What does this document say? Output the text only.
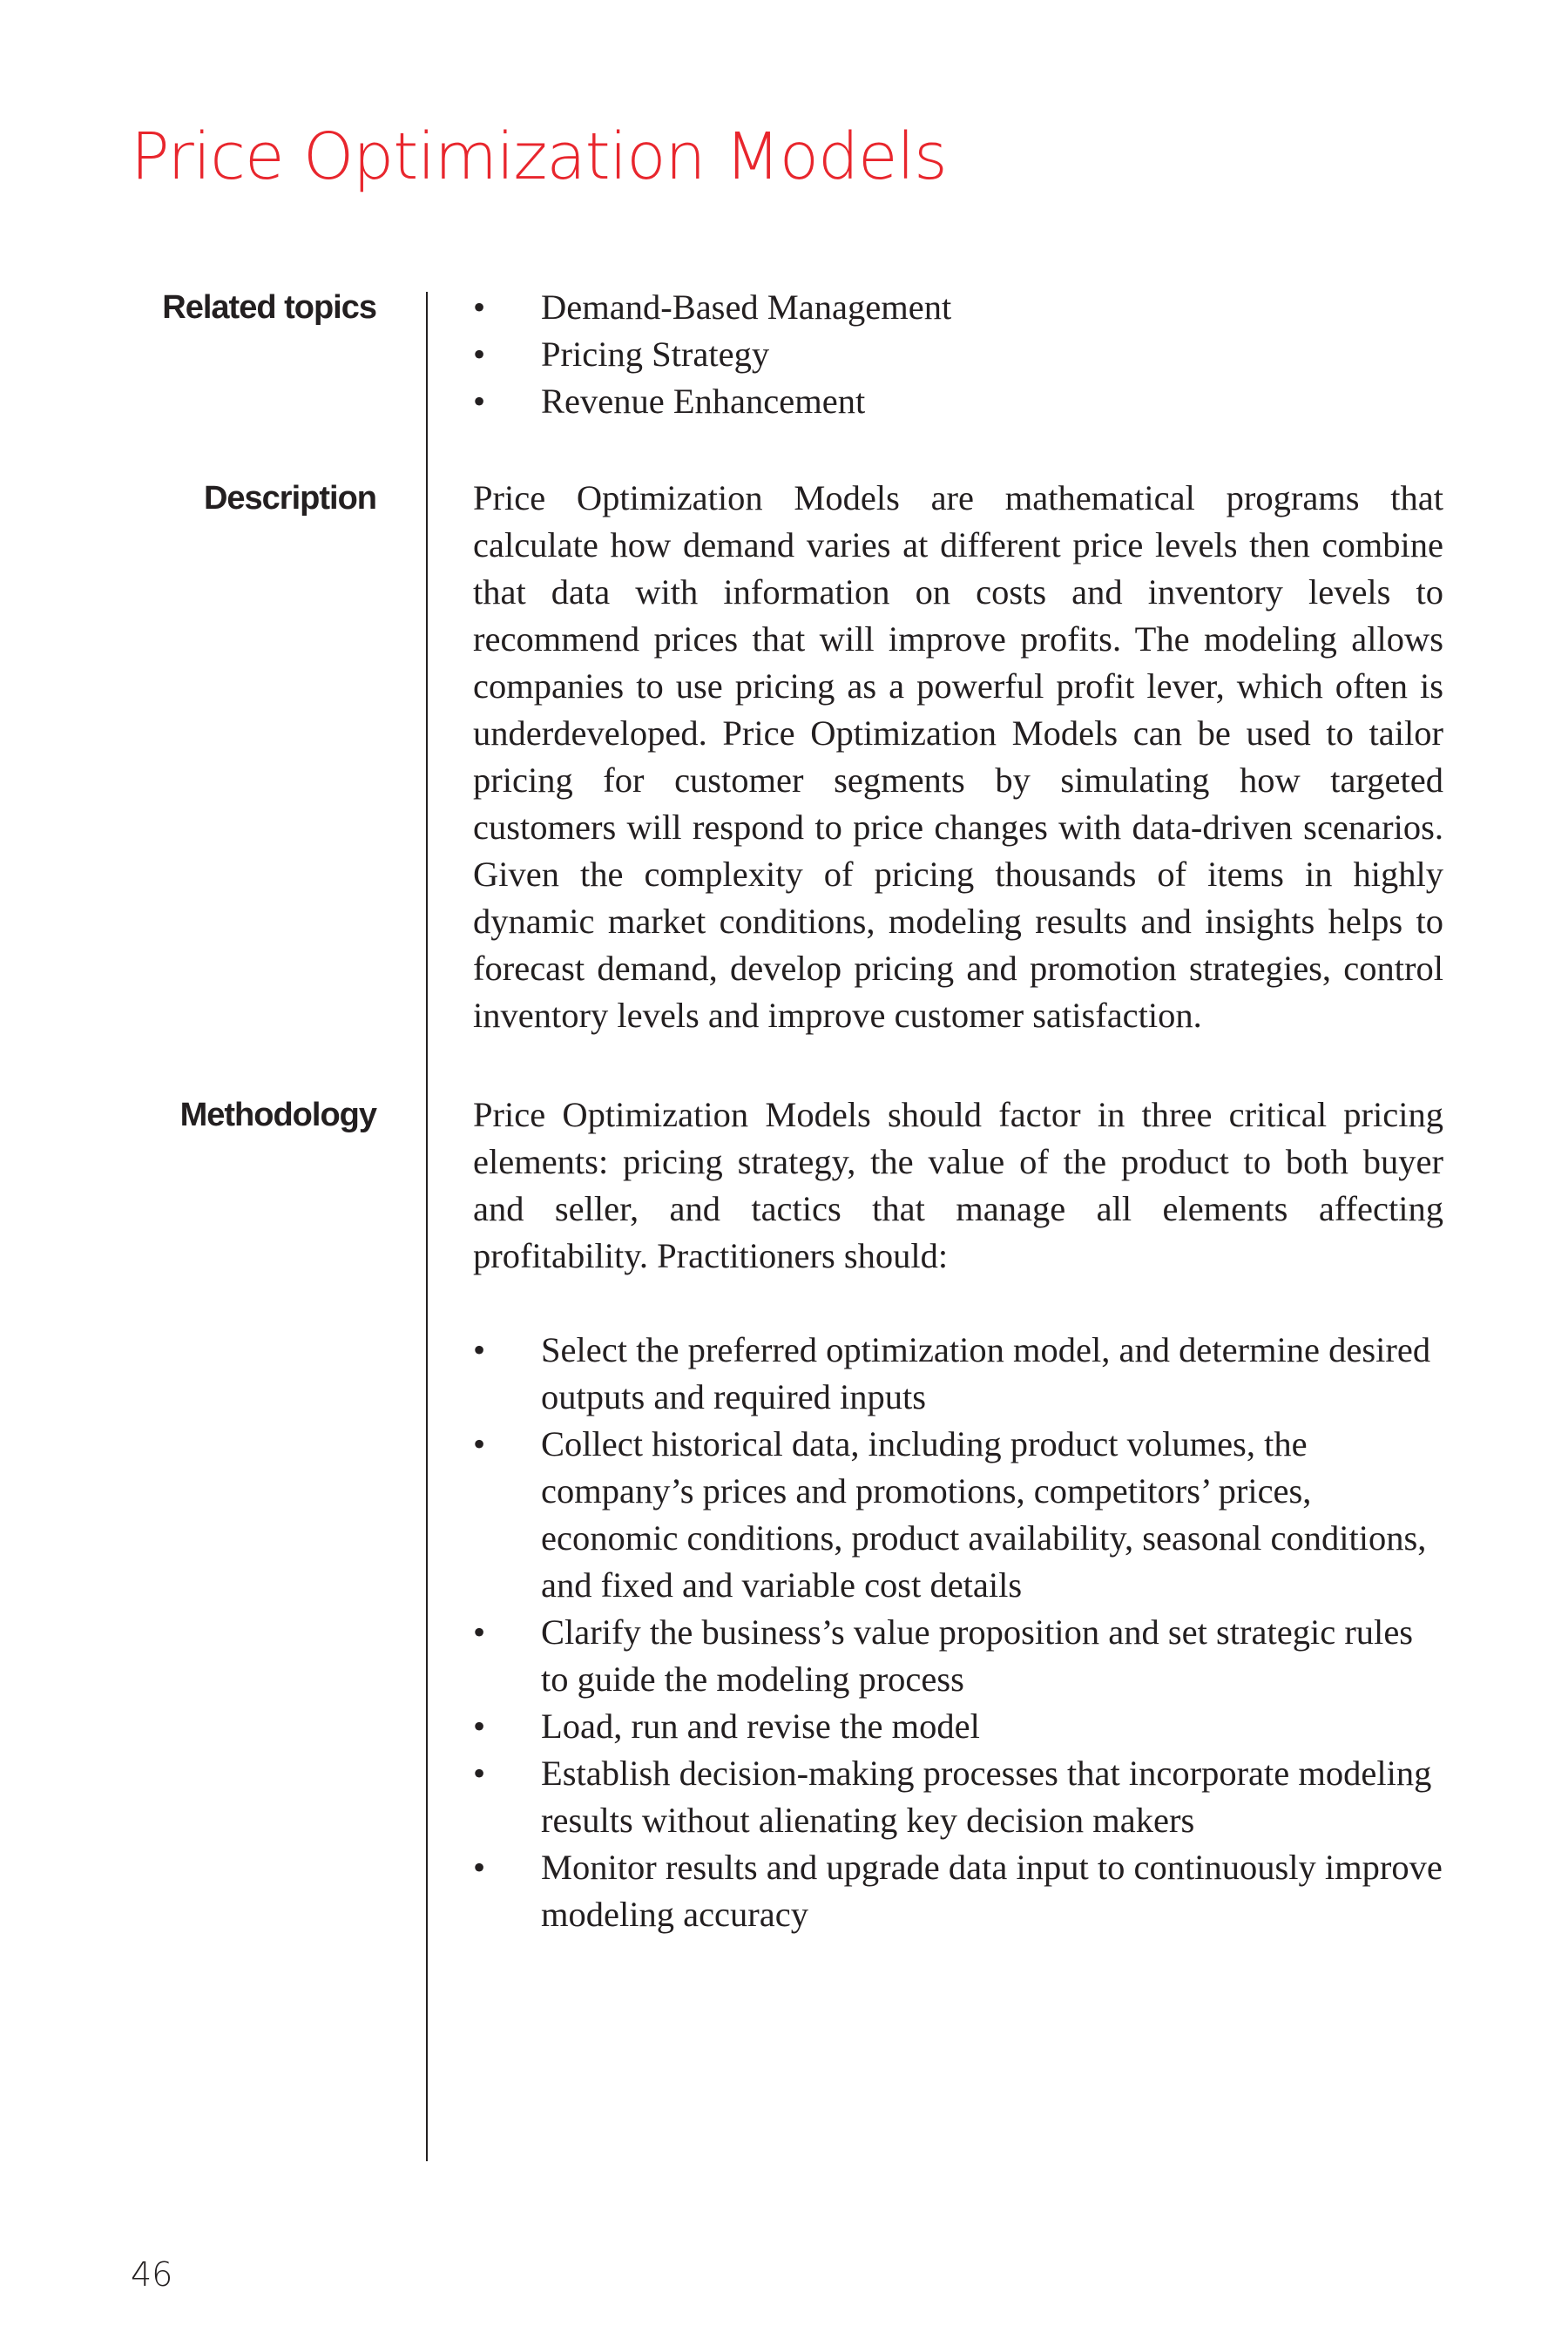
Price Optimization Models
Related topics	•	Demand-Based Management
•	Pricing Strategy
•	Revenue Enhancement
Description	Price Optimization Models are mathematical programs that calculate how demand varies at different price levels then combine that data with information on costs and inventory levels to recommend prices that will improve profits. The modeling allows companies to use pricing as a powerful profit lever, which often is underdeveloped. Price Optimization Models can be used to tailor pricing for customer segments by simulating how targeted customers will respond to price changes with data-driven scenarios. Given the complexity of pricing thousands of items in highly dynamic market conditions, modeling results and insights helps to forecast demand, develop pricing and promotion strategies, control inventory levels and improve customer satisfaction.

Methodology	Price Optimization Models should factor in three critical pricing elements: pricing strategy, the value of the product to both buyer and seller, and tactics that manage all elements affecting profitability. Practitioners should:

•	Select the preferred optimization model, and determine desired outputs and required inputs
•	Collect historical data, including product volumes, the company’s prices and promotions, competitors’ prices, economic conditions, product availability, seasonal conditions, and fixed and variable cost details
•	Clarify the business’s value proposition and set strategic rules to guide the modeling process
•	Load, run and revise the model
•	Establish decision-making processes that incorporate modeling results without alienating key decision makers
•	Monitor results and upgrade data input to continuously improve modeling accuracy
46
